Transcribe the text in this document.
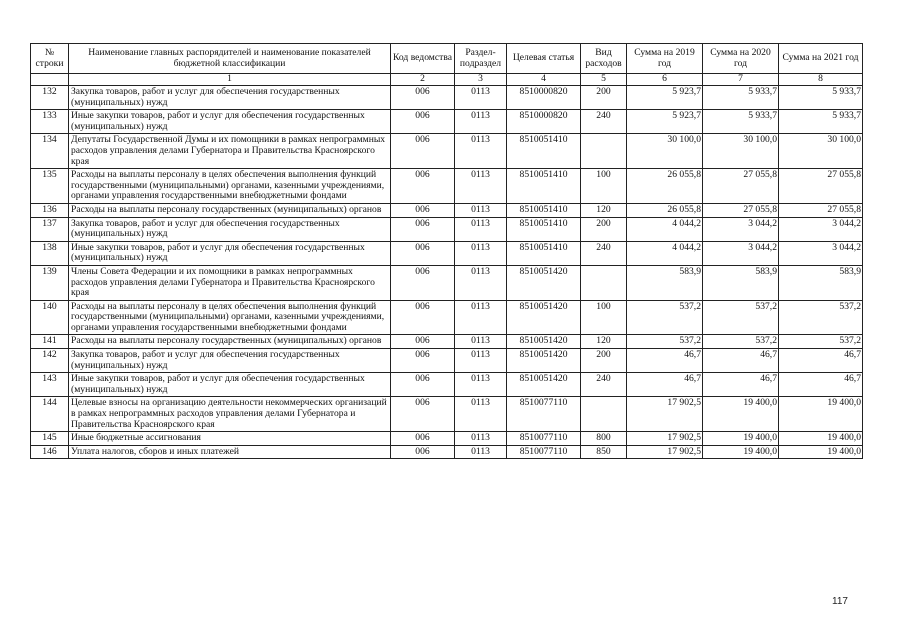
№ строки	Наименование главных распорядителей и наименование показателей бюджетной классификации	Код ведомства	Раздел-подраздел	Целевая статья	Вид расходов	Сумма на 2019 год	Сумма на 2020 год	Сумма на 2021 год
	1	2	3	4	5	6	7	8
132	Закупка товаров, работ и услуг для обеспечения государственных (муниципальных) нужд	006	0113	8510000820	200	5 923,7	5 933,7	5 933,7
133	Иные закупки товаров, работ и услуг для обеспечения государственных (муниципальных) нужд	006	0113	8510000820	240	5 923,7	5 933,7	5 933,7
134	Депутаты Государственной Думы и их помощники в рамках непрограммных расходов управления делами Губернатора и Правительства Красноярского края	006	0113	8510051410		30 100,0	30 100,0	30 100,0
135	Расходы на выплаты персоналу в целях обеспечения выполнения функций государственными (муниципальными) органами, казенными учреждениями, органами управления государственными внебюджетными фондами	006	0113	8510051410	100	26 055,8	27 055,8	27 055,8
136	Расходы на выплаты персоналу государственных (муниципальных) органов	006	0113	8510051410	120	26 055,8	27 055,8	27 055,8
137	Закупка товаров, работ и услуг для обеспечения государственных (муниципальных) нужд	006	0113	8510051410	200	4 044,2	3 044,2	3 044,2
138	Иные закупки товаров, работ и услуг для обеспечения государственных (муниципальных) нужд	006	0113	8510051410	240	4 044,2	3 044,2	3 044,2
139	Члены Совета Федерации и их помощники в рамках непрограммных расходов управления делами Губернатора и Правительства Красноярского края	006	0113	8510051420		583,9	583,9	583,9
140	Расходы на выплаты персоналу в целях обеспечения выполнения функций государственными (муниципальными) органами, казенными учреждениями, органами управления государственными внебюджетными фондами	006	0113	8510051420	100	537,2	537,2	537,2
141	Расходы на выплаты персоналу государственных (муниципальных) органов	006	0113	8510051420	120	537,2	537,2	537,2
142	Закупка товаров, работ и услуг для обеспечения государственных (муниципальных) нужд	006	0113	8510051420	200	46,7	46,7	46,7
143	Иные закупки товаров, работ и услуг для обеспечения государственных (муниципальных) нужд	006	0113	8510051420	240	46,7	46,7	46,7
144	Целевые взносы на организацию деятельности некоммерческих организаций в рамках непрограммных расходов управления делами Губернатора и Правительства Красноярского края	006	0113	8510077110		17 902,5	19 400,0	19 400,0
145	Иные бюджетные ассигнования	006	0113	8510077110	800	17 902,5	19 400,0	19 400,0
146	Уплата налогов, сборов и иных платежей	006	0113	8510077110	850	17 902,5	19 400,0	19 400,0
117
